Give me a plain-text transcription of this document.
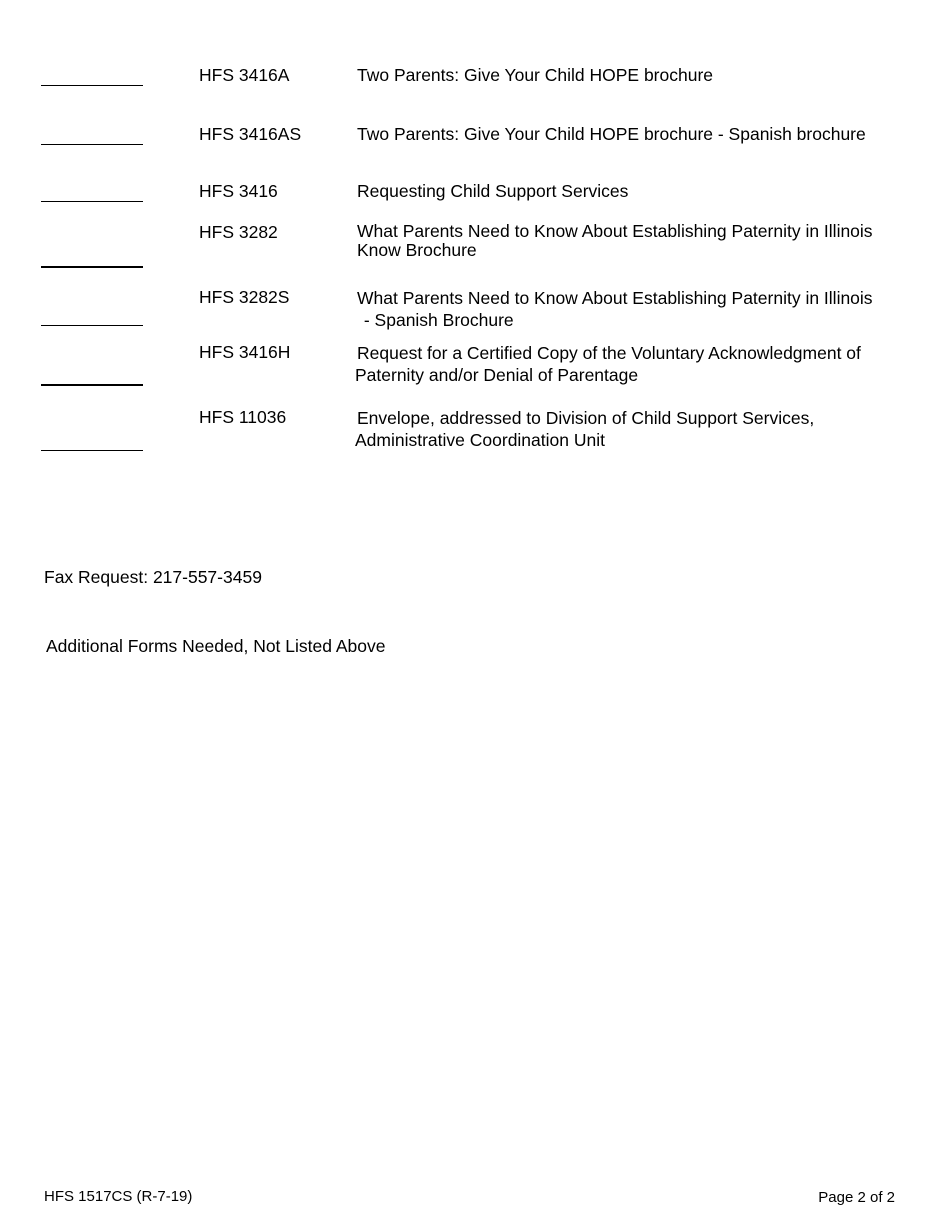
HFS 3416A	Two Parents: Give Your Child HOPE brochure
HFS 3416AS	Two Parents: Give Your Child HOPE brochure - Spanish brochure
HFS 3416	Requesting Child Support Services
HFS 3282	What Parents Need to Know About Establishing Paternity in Illinois
Know Brochure
HFS 3282S	What Parents Need to Know About Establishing Paternity in Illinois
- Spanish Brochure
HFS 3416H	Request for a Certified Copy of the Voluntary Acknowledgment of
Paternity and/or Denial of Parentage
HFS 11036	Envelope, addressed to Division of Child Support Services,
Administrative Coordination Unit
Fax Request: 217-557-3459
Additional Forms Needed, Not Listed Above
HFS 1517CS (R-7-19)	Page 2 of 2
